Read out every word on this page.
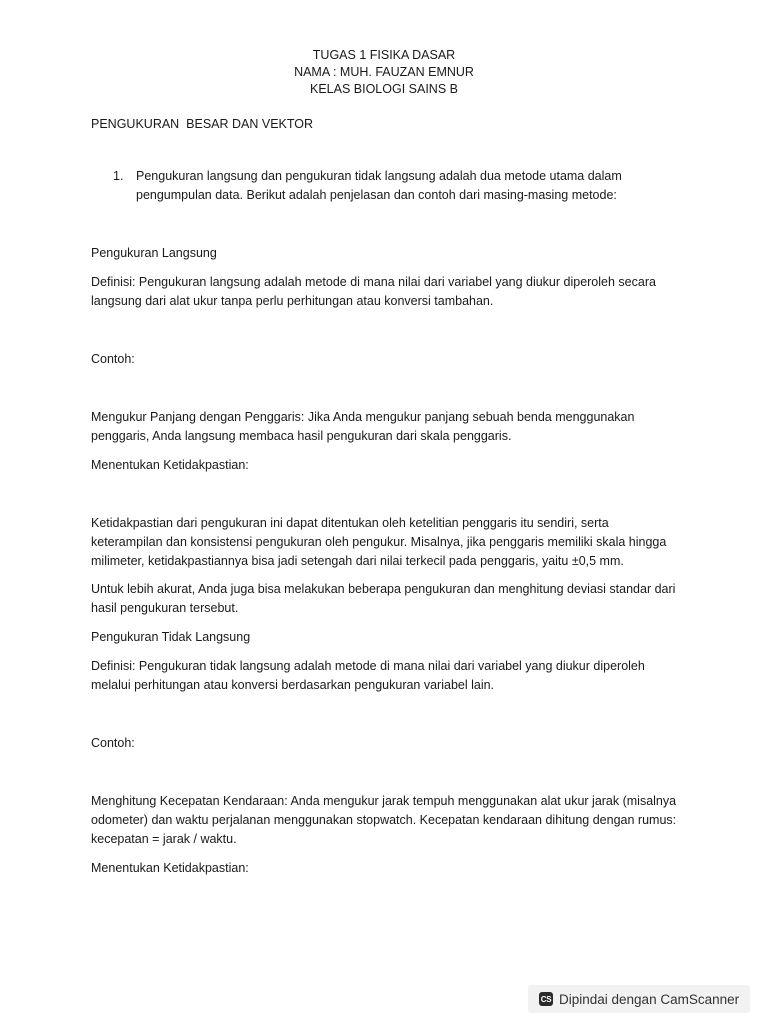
TUGAS 1 FISIKA DASAR
NAMA : MUH. FAUZAN EMNUR
KELAS BIOLOGI SAINS B

PENGUKURAN  BESAR DAN VEKTOR

1. Pengukuran langsung dan pengukuran tidak langsung adalah dua metode utama dalam pengumpulan data. Berikut adalah penjelasan dan contoh dari masing-masing metode:

Pengukuran Langsung

Definisi: Pengukuran langsung adalah metode di mana nilai dari variabel yang diukur diperoleh secara langsung dari alat ukur tanpa perlu perhitungan atau konversi tambahan.

Contoh:

Mengukur Panjang dengan Penggaris: Jika Anda mengukur panjang sebuah benda menggunakan penggaris, Anda langsung membaca hasil pengukuran dari skala penggaris.

Menentukan Ketidakpastian:

Ketidakpastian dari pengukuran ini dapat ditentukan oleh ketelitian penggaris itu sendiri, serta keterampilan dan konsistensi pengukuran oleh pengukur. Misalnya, jika penggaris memiliki skala hingga milimeter, ketidakpastiannya bisa jadi setengah dari nilai terkecil pada penggaris, yaitu ±0,5 mm.

Untuk lebih akurat, Anda juga bisa melakukan beberapa pengukuran dan menghitung deviasi standar dari hasil pengukuran tersebut.

Pengukuran Tidak Langsung

Definisi: Pengukuran tidak langsung adalah metode di mana nilai dari variabel yang diukur diperoleh melalui perhitungan atau konversi berdasarkan pengukuran variabel lain.

Contoh:

Menghitung Kecepatan Kendaraan: Anda mengukur jarak tempuh menggunakan alat ukur jarak (misalnya odometer) dan waktu perjalanan menggunakan stopwatch. Kecepatan kendaraan dihitung dengan rumus: kecepatan = jarak / waktu.

Menentukan Ketidakpastian:

CS Dipindai dengan CamScanner
